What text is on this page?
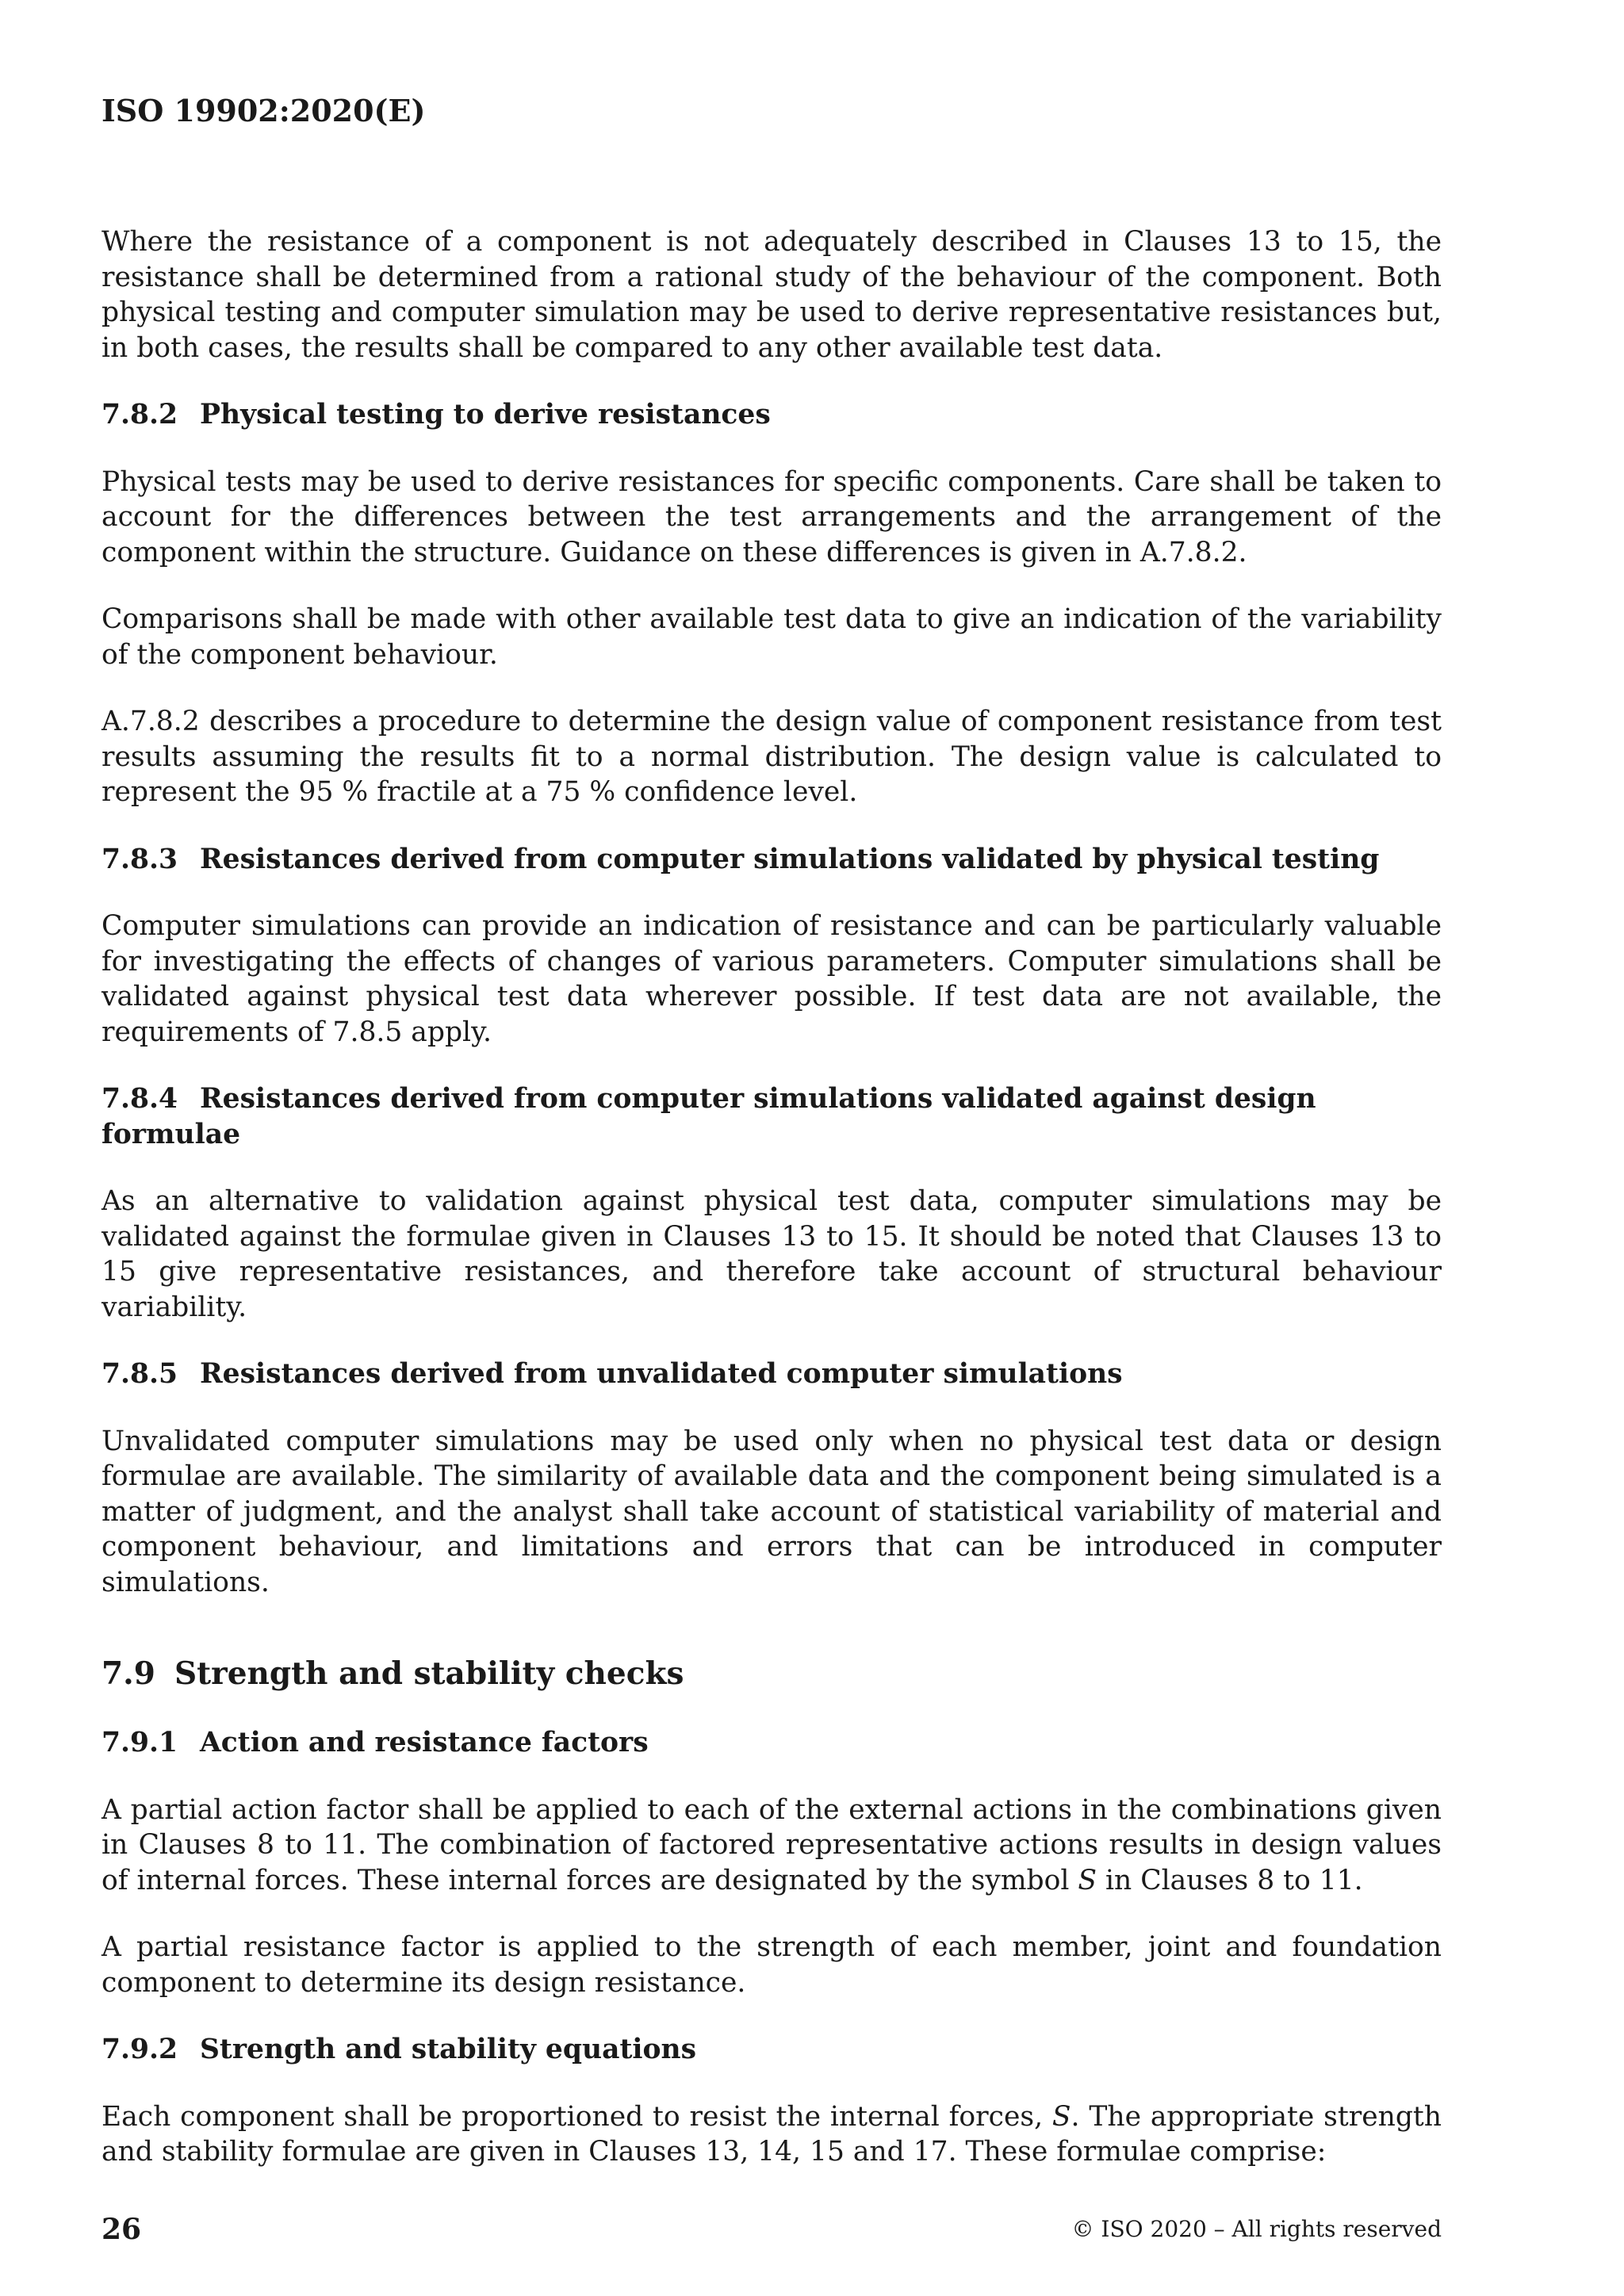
ISO 19902:2020(E)

Where the resistance of a component is not adequately described in Clauses 13 to 15, the resistance shall be determined from a rational study of the behaviour of the component. Both physical testing and computer simulation may be used to derive representative resistances but, in both cases, the results shall be compared to any other available test data.

7.8.2 Physical testing to derive resistances

Physical tests may be used to derive resistances for specific components. Care shall be taken to account for the differences between the test arrangements and the arrangement of the component within the structure. Guidance on these differences is given in A.7.8.2.

Comparisons shall be made with other available test data to give an indication of the variability of the component behaviour.

A.7.8.2 describes a procedure to determine the design value of component resistance from test results assuming the results fit to a normal distribution. The design value is calculated to represent the 95 % fractile at a 75 % confidence level.

7.8.3 Resistances derived from computer simulations validated by physical testing

Computer simulations can provide an indication of resistance and can be particularly valuable for investigating the effects of changes of various parameters. Computer simulations shall be validated against physical test data wherever possible. If test data are not available, the requirements of 7.8.5 apply.

7.8.4 Resistances derived from computer simulations validated against design formulae

As an alternative to validation against physical test data, computer simulations may be validated against the formulae given in Clauses 13 to 15. It should be noted that Clauses 13 to 15 give representative resistances, and therefore take account of structural behaviour variability.

7.8.5 Resistances derived from unvalidated computer simulations

Unvalidated computer simulations may be used only when no physical test data or design formulae are available. The similarity of available data and the component being simulated is a matter of judgment, and the analyst shall take account of statistical variability of material and component behaviour, and limitations and errors that can be introduced in computer simulations.

7.9 Strength and stability checks
7.9.1 Action and resistance factors

A partial action factor shall be applied to each of the external actions in the combinations given in Clauses 8 to 11. The combination of factored representative actions results in design values of internal forces. These internal forces are designated by the symbol S in Clauses 8 to 11.

A partial resistance factor is applied to the strength of each member, joint and foundation component to determine its design resistance.

7.9.2 Strength and stability equations

Each component shall be proportioned to resist the internal forces, S. The appropriate strength and stability formulae are given in Clauses 13, 14, 15 and 17. These formulae comprise:

26	© ISO 2020 – All rights reserved
